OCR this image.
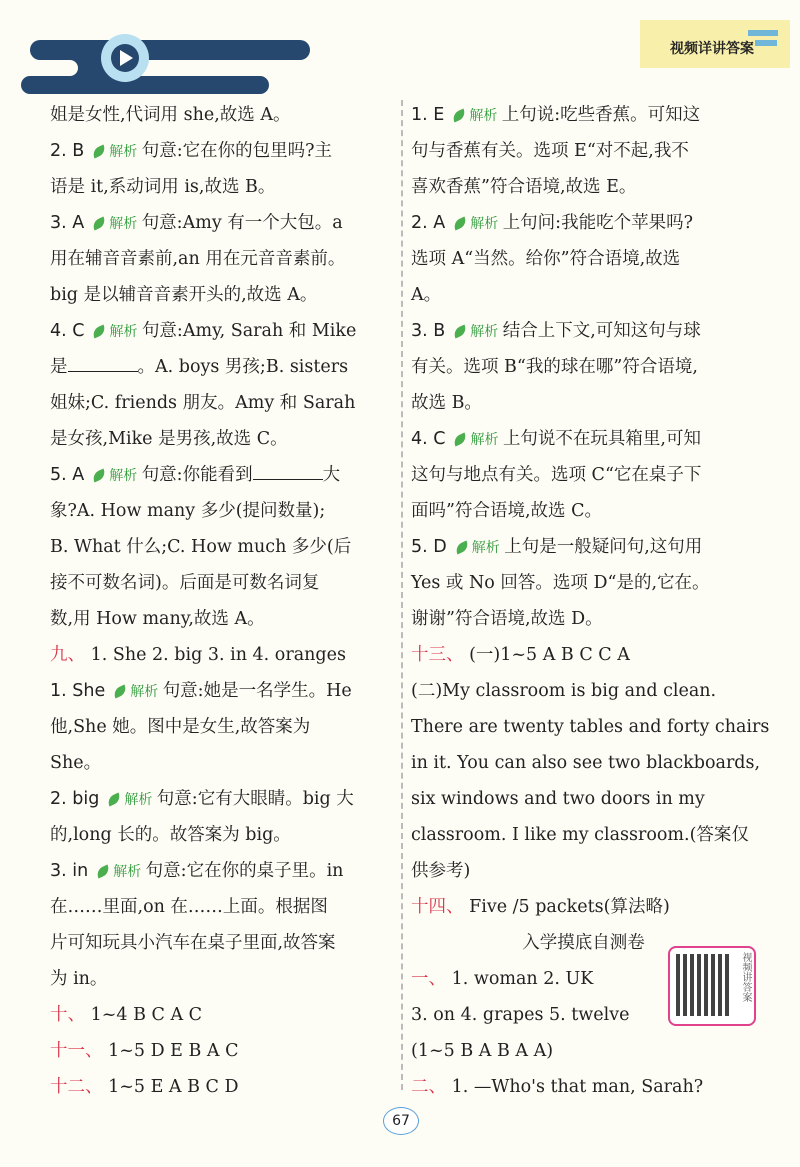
视频详讲答案
姐是女性,代词用 she,故选 A。
2. B 解析 句意:它在你的包里吗?主
语是 it,系动词用 is,故选 B。
3. A 解析 句意:Amy 有一个大包。a
用在辅音音素前,an 用在元音音素前。
big 是以辅音音素开头的,故选 A。
4. C 解析 句意:Amy, Sarah 和 Mike
是	。A. boys 男孩;B. sisters
姐妹;C. friends 朋友。Amy 和 Sarah
是女孩,Mike 是男孩,故选 C。
5. A 解析 句意:你能看到	大
象?A. How many 多少(提问数量);
B. What 什么;C. How much 多少(后
接不可数名词)。后面是可数名词复
数,用 How many,故选 A。
九、 1. She 2. big 3. in 4. oranges
1. She 解析 句意:她是一名学生。He
他,She 她。图中是女生,故答案为
She。
2. big 解析 句意:它有大眼睛。big 大
的,long 长的。故答案为 big。
3. in 解析 句意:它在你的桌子里。in
在……里面,on 在……上面。根据图
片可知玩具小汽车在桌子里面,故答案
为 in。
十、 1~4 B C A C
十一、 1~5 D E B A C
十二、 1~5 E A B C D
1. E 解析 上句说:吃些香蕉。可知这
句与香蕉有关。选项 E“对不起,我不
喜欢香蕉”符合语境,故选 E。
2. A 解析 上句问:我能吃个苹果吗?
选项 A“当然。给你”符合语境,故选
A。
3. B 解析 结合上下文,可知这句与球
有关。选项 B“我的球在哪”符合语境,
故选 B。
4. C 解析 上句说不在玩具箱里,可知
这句与地点有关。选项 C“它在桌子下
面吗”符合语境,故选 C。
5. D 解析 上句是一般疑问句,这句用
Yes 或 No 回答。选项 D“是的,它在。
谢谢”符合语境,故选 D。
十三、 (一)1~5 A B C C A
(二)My classroom is big and clean.
There are twenty tables and forty chairs
in it. You can also see two blackboards,
six windows and two doors in my
classroom. I like my classroom.(答案仅
供参考)
十四、 Five /5 packets(算法略)
入学摸底自测卷
一、 1. woman 2. UK
3. on 4. grapes 5. twelve
(1~5 B A B A A)
二、 1. —Who's that man, Sarah?
视频讲答案
67
